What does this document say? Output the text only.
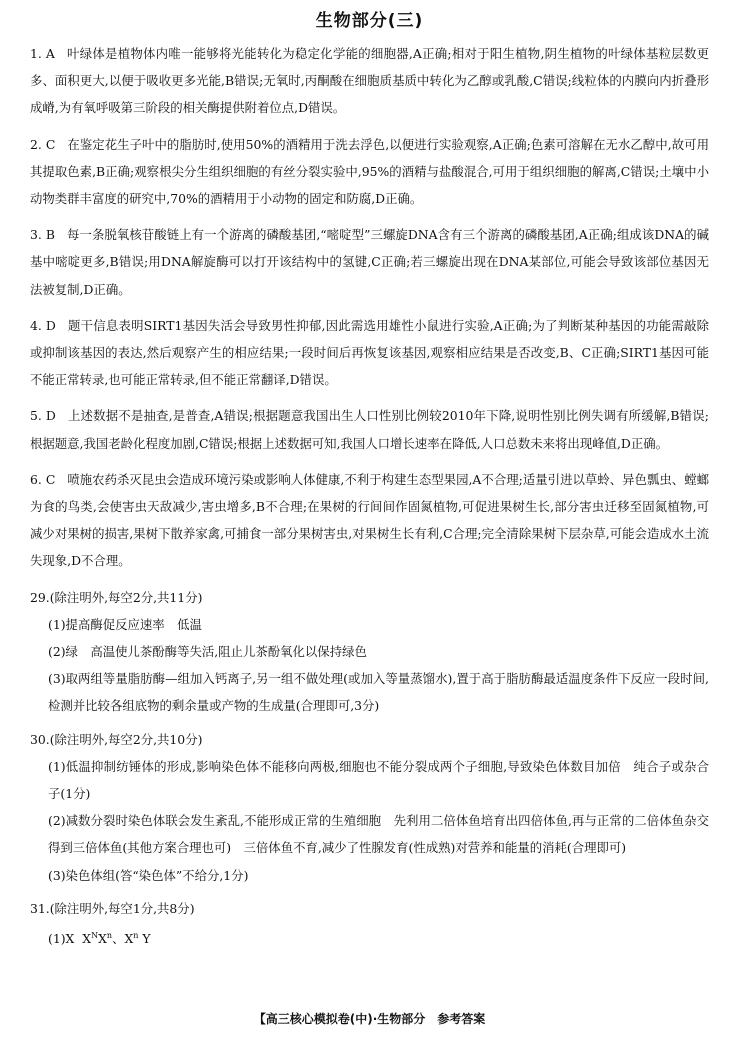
生物部分(三)

1. A 叶绿体是植物体内唯一能够将光能转化为稳定化学能的细胞器,A正确;相对于阳生植物,阴生植物的叶绿体基粒层数更多、面积更大,以便于吸收更多光能,B错误;无氧时,丙酮酸在细胞质基质中转化为乙醇或乳酸,C错误;线粒体的内膜向内折叠形成嵴,为有氧呼吸第三阶段的相关酶提供附着位点,D错误。

2. C 在鉴定花生子叶中的脂肪时,使用50%的酒精用于洗去浮色,以便进行实验观察,A正确;色素可溶解在无水乙醇中,故可用其提取色素,B正确;观察根尖分生组织细胞的有丝分裂实验中,95%的酒精与盐酸混合,可用于组织细胞的解离,C错误;土壤中小动物类群丰富度的研究中,70%的酒精用于小动物的固定和防腐,D正确。

3. B 每一条脱氧核苷酸链上有一个游离的磷酸基团,“嘧啶型”三螺旋DNA含有三个游离的磷酸基团,A正确;组成该DNA的碱基中嘧啶更多,B错误;用DNA解旋酶可以打开该结构中的氢键,C正确;若三螺旋出现在DNA某部位,可能会导致该部位基因无法被复制,D正确。

4. D 题干信息表明SIRT1基因失活会导致男性抑郁,因此需选用雄性小鼠进行实验,A正确;为了判断某种基因的功能需敲除或抑制该基因的表达,然后观察产生的相应结果;一段时间后再恢复该基因,观察相应结果是否改变,B、C正确;SIRT1基因可能不能正常转录,也可能正常转录,但不能正常翻译,D错误。

5. D 上述数据不是抽查,是普查,A错误;根据题意我国出生人口性别比例较2010年下降,说明性别比例失调有所缓解,B错误;根据题意,我国老龄化程度加剧,C错误;根据上述数据可知,我国人口增长速率在降低,人口总数未来将出现峰值,D正确。

6. C 喷施农药杀灭昆虫会造成环境污染或影响人体健康,不利于构建生态型果园,A不合理;适量引进以草蛉、异色瓢虫、螳螂为食的鸟类,会使害虫天敌减少,害虫增多,B不合理;在果树的行间间作固氮植物,可促进果树生长,部分害虫迁移至固氮植物,可减少对果树的损害,果树下散养家禽,可捕食一部分果树害虫,对果树生长有利,C合理;完全清除果树下层杂草,可能会造成水土流失现象,D不合理。

29.(除注明外,每空2分,共11分)
(1)提高酶促反应速率　低温
(2)绿　高温使儿茶酚酶等失活,阻止儿茶酚氧化以保持绿色
(3)取两组等量脂肪酶—组加入钙离子,另一组不做处理(或加入等量蒸馏水),置于高于脂肪酶最适温度条件下反应一段时间,检测并比较各组底物的剩余量或产物的生成量(合理即可,3分)
30.(除注明外,每空2分,共10分)
(1)低温抑制纺锤体的形成,影响染色体不能移向两极,细胞也不能分裂成两个子细胞,导致染色体数目加倍　纯合子或杂合子(1分)
(2)减数分裂时染色体联会发生紊乱,不能形成正常的生殖细胞　先利用二倍体鱼培育出四倍体鱼,再与正常的二倍体鱼杂交得到三倍体鱼(其他方案合理也可)　三倍体鱼不育,减少了性腺发育(性成熟)对营养和能量的消耗(合理即可)
(3)染色体组(答“染色体”不给分,1分)
31.(除注明外,每空1分,共8分)
(1)X $X^NX^n$、$X^n$ Y
【高三核心模拟卷(中)·生物部分　参考答案
